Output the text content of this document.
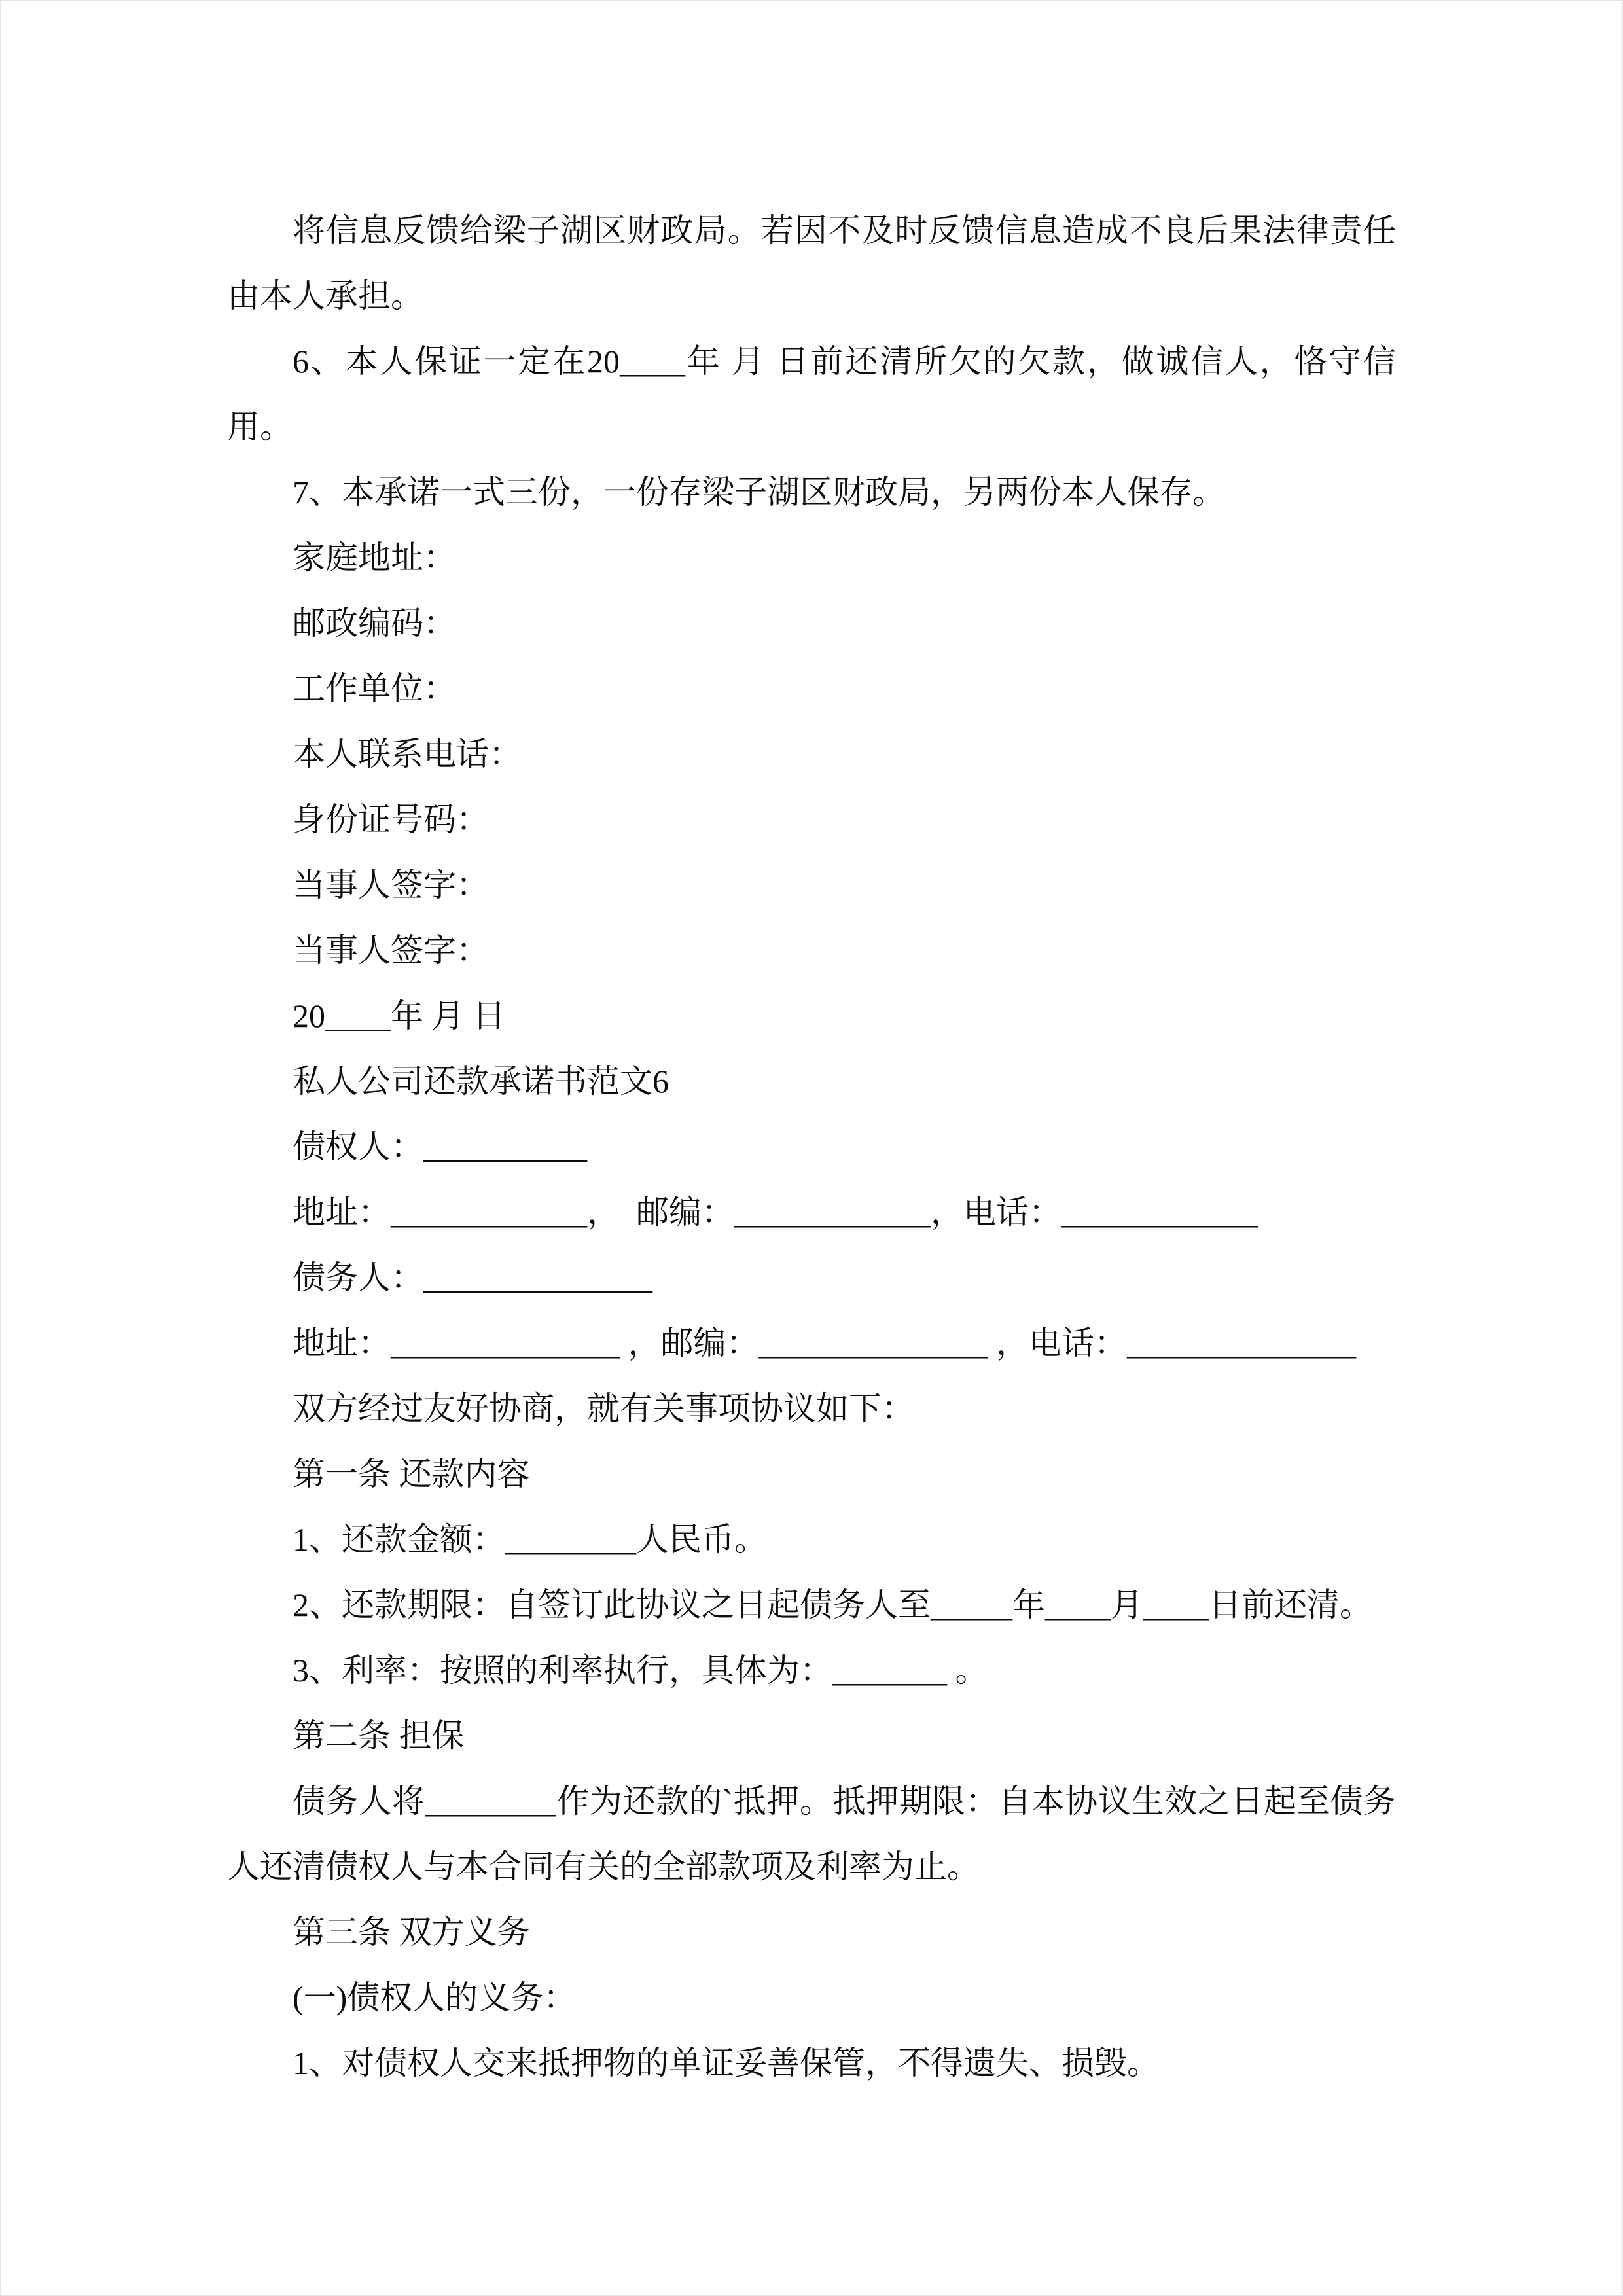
将信息反馈给梁子湖区财政局。若因不及时反馈信息造成不良后果法律责任由本人承担。

6、本人保证一定在20____年 月 日前还清所欠的欠款，做诚信人，恪守信用。

7、本承诺一式三份，一份存梁子湖区财政局，另两份本人保存。

家庭地址：

邮政编码：

工作单位：

本人联系电话：

身份证号码：

当事人签字：

当事人签字：

20____年 月 日

私人公司还款承诺书范文6

债权人：__________

地址：____________，  邮编：____________，电话：____________

债务人：______________

地址：______________ ，邮编：______________ ，电话：______________

双方经过友好协商，就有关事项协议如下：

第一条 还款内容

1、还款金额：________人民币。

2、还款期限：自签订此协议之日起债务人至_____年____月____日前还清。

3、利率：按照的利率执行，具体为：_______ 。

第二条 担保

债务人将________作为还款的`抵押。抵押期限：自本协议生效之日起至债务人还清债权人与本合同有关的全部款项及利率为止。

第三条 双方义务

(一)债权人的义务：

1、对债权人交来抵押物的单证妥善保管，不得遗失、损毁。
